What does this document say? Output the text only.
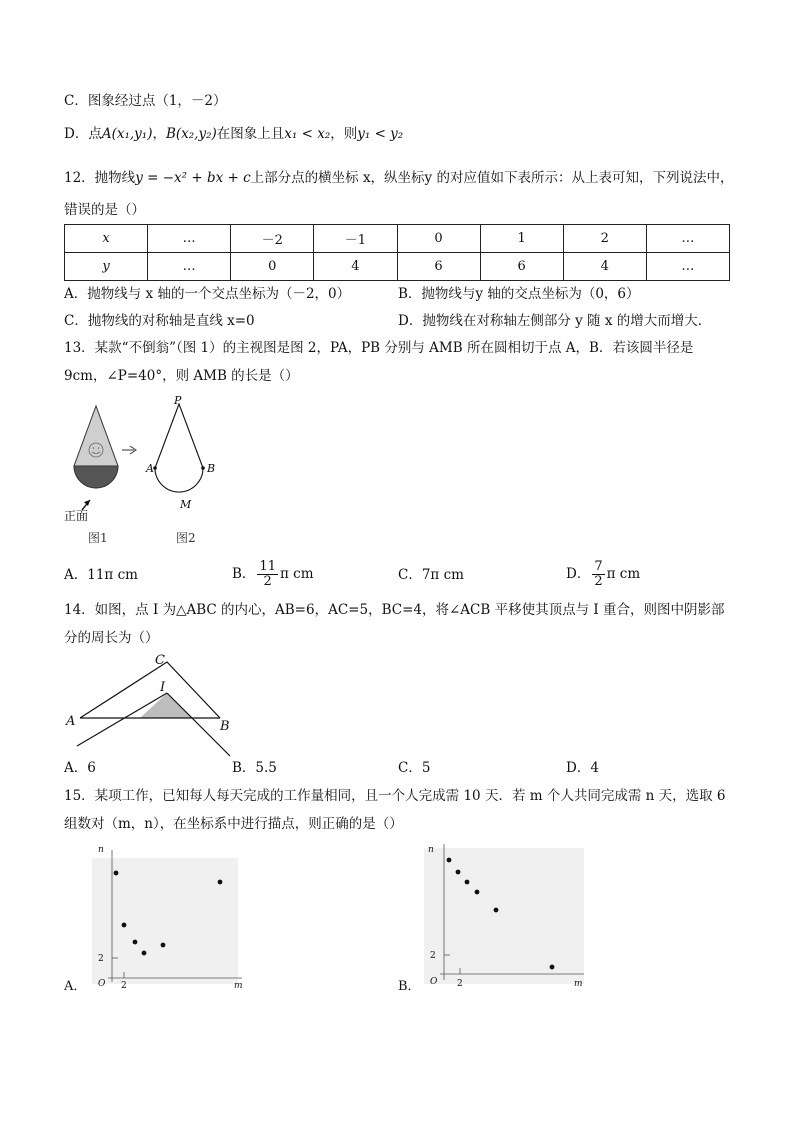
C．图象经过点（1，－2）
D．点A(x₁,y₁)，B(x₂,y₂)在图象上且x₁ < x₂，则y₁ < y₂
12．抛物线y = −x² + bx + c上部分点的横坐标 x，纵坐标y 的对应值如下表所示：从上表可知，下列说法中，
错误的是（）
x	…	－2	－1	0	1	2	…
y	…	0	4	6	6	4	…
A．抛物线与 x 轴的一个交点坐标为（－2，0）	B．抛物线与y 轴的交点坐标为（0，6）
C．抛物线的对称轴是直线 x=0	D．抛物线在对称轴左侧部分 y 随 x 的增大而增大．
13．某款“不倒翁”（图 1）的主视图是图 2，PA，PB 分别与 AMB 所在圆相切于点 A，B．若该圆半径是
9cm，∠P=40°，则 AMB 的长是（）
正面
图1
P
A	B
M
图2
A．11π cm	B． $\frac{11}{2}$ π cm	C．7π cm	D． $\frac{7}{2}$ π cm
14．如图，点 I 为△ABC 的内心，AB=6，AC=5，BC=4，将∠ACB 平移使其顶点与 I 重合，则图中阴影部
分的周长为（）
A	B
C
I
A．6	B．5.5	C．5	D．4
15．某项工作，已知每人每天完成的工作量相同，且一个人完成需 10 天．若 m 个人共同完成需 n 天，选取 6
组数对（m，n），在坐标系中进行描点，则正确的是（）
A．
n
m
O 2
2
B．
n
m
O 2
2
